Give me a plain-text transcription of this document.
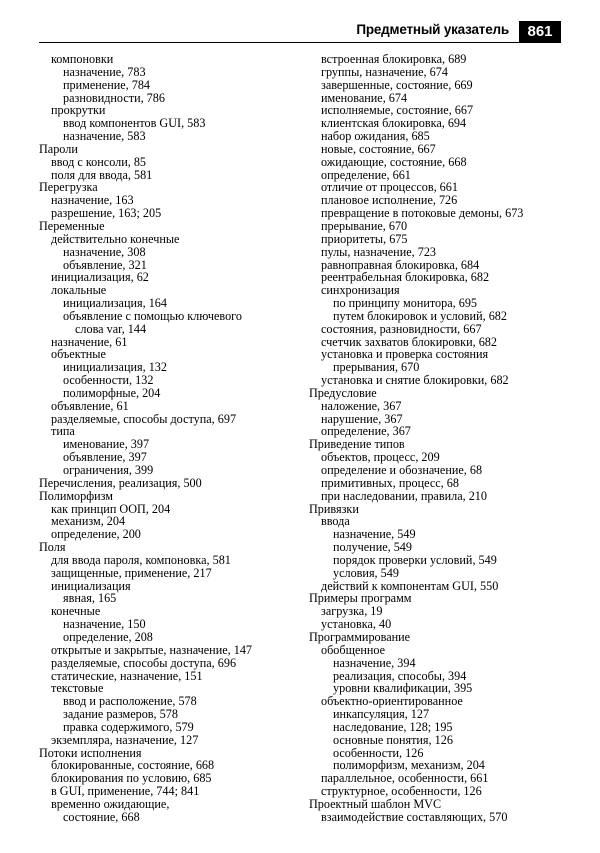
Предметный указатель	861
компоновки
назначение, 783
применение, 784
разновидности, 786
прокрутки
ввод компонентов GUI, 583
назначение, 583
Пароли
ввод с консоли, 85
поля для ввода, 581
Перегрузка
назначение, 163
разрешение, 163; 205
Переменные
действительно конечные
назначение, 308
объявление, 321
инициализация, 62
локальные
инициализация, 164
объявление с помощью ключевого
слова var, 144
назначение, 61
объектные
инициализация, 132
особенности, 132
полиморфные, 204
объявление, 61
разделяемые, способы доступа, 697
типа
именование, 397
объявление, 397
ограничения, 399
Перечисления, реализация, 500
Полиморфизм
как принцип ООП, 204
механизм, 204
определение, 200
Поля
для ввода пароля, компоновка, 581
защищенные, применение, 217
инициализация
явная, 165
конечные
назначение, 150
определение, 208
открытые и закрытые, назначение, 147
разделяемые, способы доступа, 696
статические, назначение, 151
текстовые
ввод и расположение, 578
задание размеров, 578
правка содержимого, 579
экземпляра, назначение, 127
Потоки исполнения
блокированные, состояние, 668
блокирования по условию, 685
в GUI, применение, 744; 841
временно ожидающие,
состояние, 668
встроенная блокировка, 689
группы, назначение, 674
завершенные, состояние, 669
именование, 674
исполняемые, состояние, 667
клиентская блокировка, 694
набор ожидания, 685
новые, состояние, 667
ожидающие, состояние, 668
определение, 661
отличие от процессов, 661
плановое исполнение, 726
превращение в потоковые демоны, 673
прерывание, 670
приоритеты, 675
пулы, назначение, 723
равноправная блокировка, 684
реентрабельная блокировка, 682
синхронизация
по принципу монитора, 695
путем блокировок и условий, 682
состояния, разновидности, 667
счетчик захватов блокировки, 682
установка и проверка состояния
прерывания, 670
установка и снятие блокировки, 682
Предусловие
наложение, 367
нарушение, 367
определение, 367
Приведение типов
объектов, процесс, 209
определение и обозначение, 68
примитивных, процесс, 68
при наследовании, правила, 210
Привязки
ввода
назначение, 549
получение, 549
порядок проверки условий, 549
условия, 549
действий к компонентам GUI, 550
Примеры программ
загрузка, 19
установка, 40
Программирование
обобщенное
назначение, 394
реализация, способы, 394
уровни квалификации, 395
объектно-ориентированное
инкапсуляция, 127
наследование, 128; 195
основные понятия, 126
особенности, 126
полиморфизм, механизм, 204
параллельное, особенности, 661
структурное, особенности, 126
Проектный шаблон MVC
взаимодействие составляющих, 570
